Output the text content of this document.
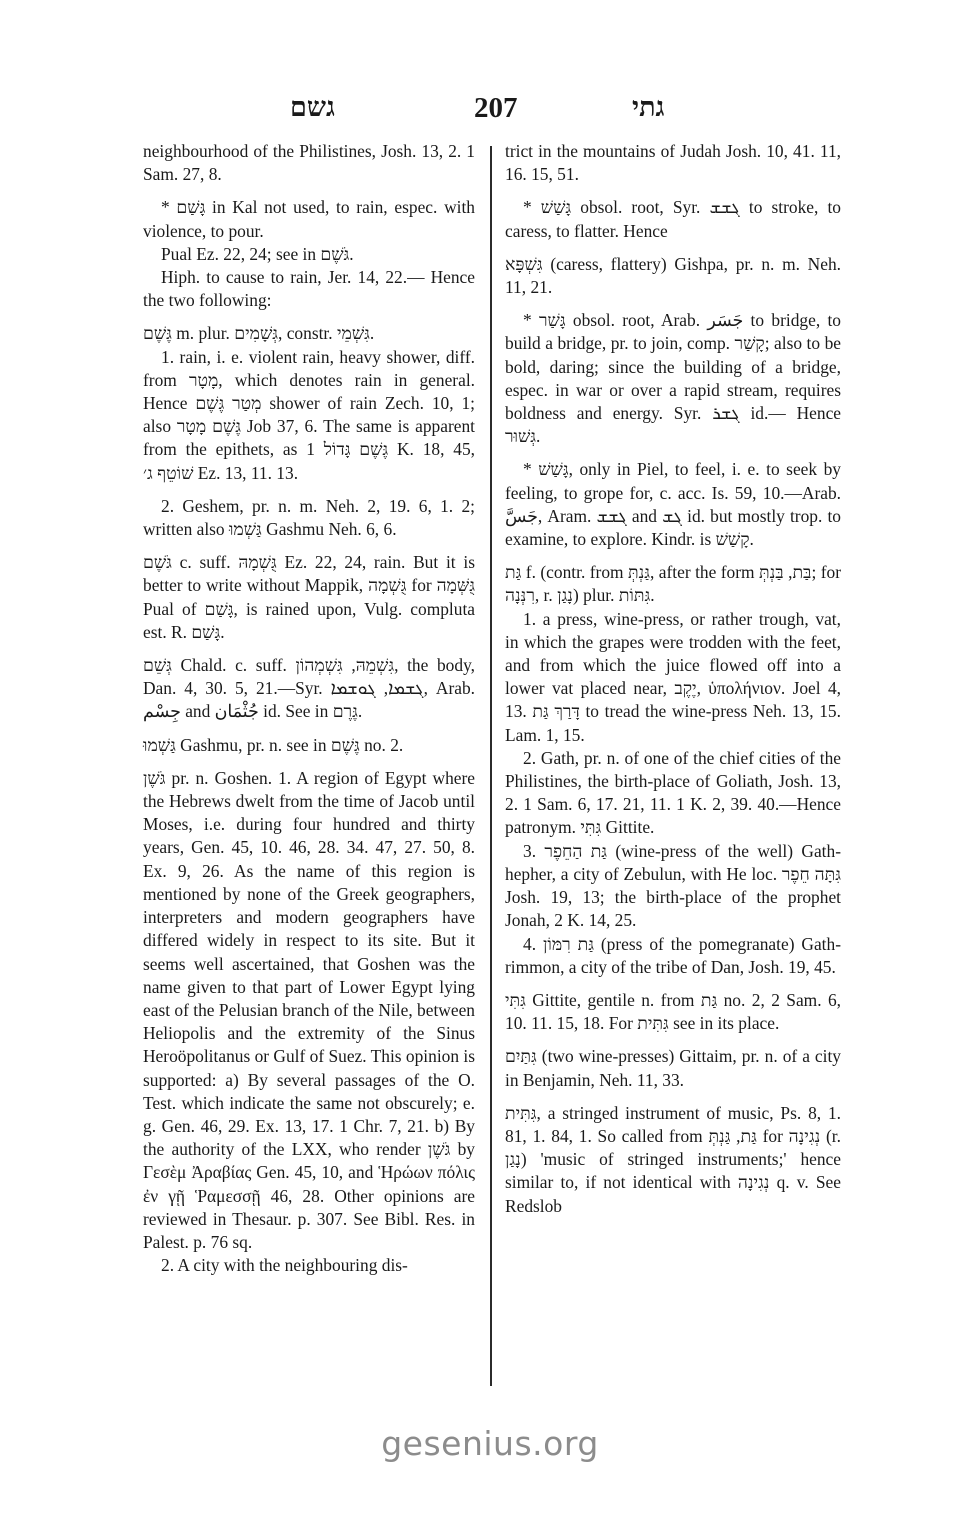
גשם	207	גתי

neighbourhood of the Philistines, Josh. 13, 2. 1 Sam. 27, 8.

* גָּשַׁם in Kal not used, to rain, espec. with violence, to pour.

Pual Ez. 22, 24; see in גֹּשֶׁם.

Hiph. to cause to rain, Jer. 14, 22.— Hence the two following:

גֶּשֶׁם m. plur. גְּשָׁמִים, constr. גִּשְׁמֵי.

1. rain, i. e. violent rain, heavy shower, diff. from מָטָר, which denotes rain in general. Hence מְטַר גֶּשֶׁם shower of rain Zech. 10, 1; also גֶּשֶׁם מָטָר Job 37, 6. The same is apparent from the epithets, as גֶּשֶׁם גָּדוֹל 1 K. 18, 45, שׁוֹטֵף ג׳ Ez. 13, 11. 13.

2. Geshem, pr. n. m. Neh. 2, 19. 6, 1. 2; written also גַּשְׁמוּ Gashmu Neh. 6, 6.

גֹּשֶׁם c. suff. גֻּשְׁמָהּ Ez. 22, 24, rain. But it is better to write without Mappik, גֻּשְׁמָה for גֻּשְּׁמָה Pual of גָּשַׁם, is rained upon, Vulg. compluta est. R. גָּשַׁם.

גְּשֵׁם Chald. c. suff. גִּשְׁמֵהּ, גִּשְׁמְהוֹן, the body, Dan. 4, 30. 5, 21.—Syr. ܓܫܡܐ, ܓܘܫܡܐ, Arab. جِسْم and جُثْمَان id. See in גֶּרֶם.

גַּשְׁמוּ Gashmu, pr. n. see in גֶּשֶׁם no. 2.

גֹּשֶׁן pr. n. Goshen. 1. A region of Egypt where the Hebrews dwelt from the time of Jacob until Moses, i.e. during four hundred and thirty years, Gen. 45, 10. 46, 28. 34. 47, 27. 50, 8. Ex. 9, 26. As the name of this region is mentioned by none of the Greek geographers, interpreters and modern geographers have differed widely in respect to its site. But it seems well ascertained, that Goshen was the name given to that part of Lower Egypt lying east of the Pelusian branch of the Nile, between Heliopolis and the extremity of the Sinus Heroöpolitanus or Gulf of Suez. This opinion is supported: a) By several passages of the O. Test. which indicate the same not obscurely; e. g. Gen. 46, 29. Ex. 13, 17. 1 Chr. 7, 21. b) By the authority of the LXX, who render גֹּשֶׁן by Γεσὲμ Ἀραβίας Gen. 45, 10, and Ἡρώων πόλις ἐν γῇ Ῥαμεσσῇ 46, 28. Other opinions are reviewed in Thesaur. p. 307. See Bibl. Res. in Palest. p. 76 sq.

2. A city with the neighbouring dis-

trict in the mountains of Judah Josh. 10, 41. 11, 16. 15, 51.

* גָּשַׁשׁ obsol. root, Syr. ܓܫܫ to stroke, to caress, to flatter. Hence

גִּשְׁפָּא (caress, flattery) Gishpa, pr. n. m. Neh. 11, 21.

* גָּשַׁר obsol. root, Arab. جَسَر to bridge, to build a bridge, pr. to join, comp. קָשַׁר; also to be bold, daring; since the building of a bridge, espec. in war or over a rapid stream, requires boldness and energy. Syr. ܓܫܪ id.— Hence גְּשׁוּר.

* גָּשַׁשׁ, only in Piel, to feel, i. e. to seek by feeling, to grope for, c. acc. Is. 59, 10.—Arab. جَسَّ, Aram. ܓܫܫ and ܓܫ id. but mostly trop. to examine, to explore. Kindr. is קָשַׁשׁ.

גַּת f. (contr. from גַּנְתְּ, after the form בַּת, בַּנְתְּ; for רִנְּנָה, r. נָגַן) plur. גִּתּוֹת.

1. a press, wine-press, or rather trough, vat, in which the grapes were trodden with the feet, and from which the juice flowed off into a lower vat placed near, יֶקֶב, ὑπολήνιον. Joel 4, 13. דָּרַךְ גַּת to tread the wine-press Neh. 13, 15. Lam. 1, 15.

2. Gath, pr. n. of one of the chief cities of the Philistines, the birth-place of Goliath, Josh. 13, 2. 1 Sam. 6, 17. 21, 11. 1 K. 2, 39. 40.—Hence patronym. גִּתִּי Gittite.

3. גַּת הַחֵפֶר (wine-press of the well) Gath-hepher, a city of Zebulun, with He loc. גִּתָּה חֵפֶר Josh. 19, 13; the birth-place of the prophet Jonah, 2 K. 14, 25.

4. גַּת רִמּוֹן (press of the pomegranate) Gath-rimmon, a city of the tribe of Dan, Josh. 19, 45.

גִּתִּי Gittite, gentile n. from גַּת no. 2, 2 Sam. 6, 10. 11. 15, 18. For גִּתִּית see in its place.

גִּתַּיִם (two wine-presses) Gittaim, pr. n. of a city in Benjamin, Neh. 11, 33.

גִּתִּית, a stringed instrument of music, Ps. 8, 1. 81, 1. 84, 1. So called from גַּת, גַּנְתְּ for נְגִינָה (r. נָגַן) 'music of stringed instruments;' hence similar to, if not identical with נְגִינָה q. v. See Redslob

gesenius.org
